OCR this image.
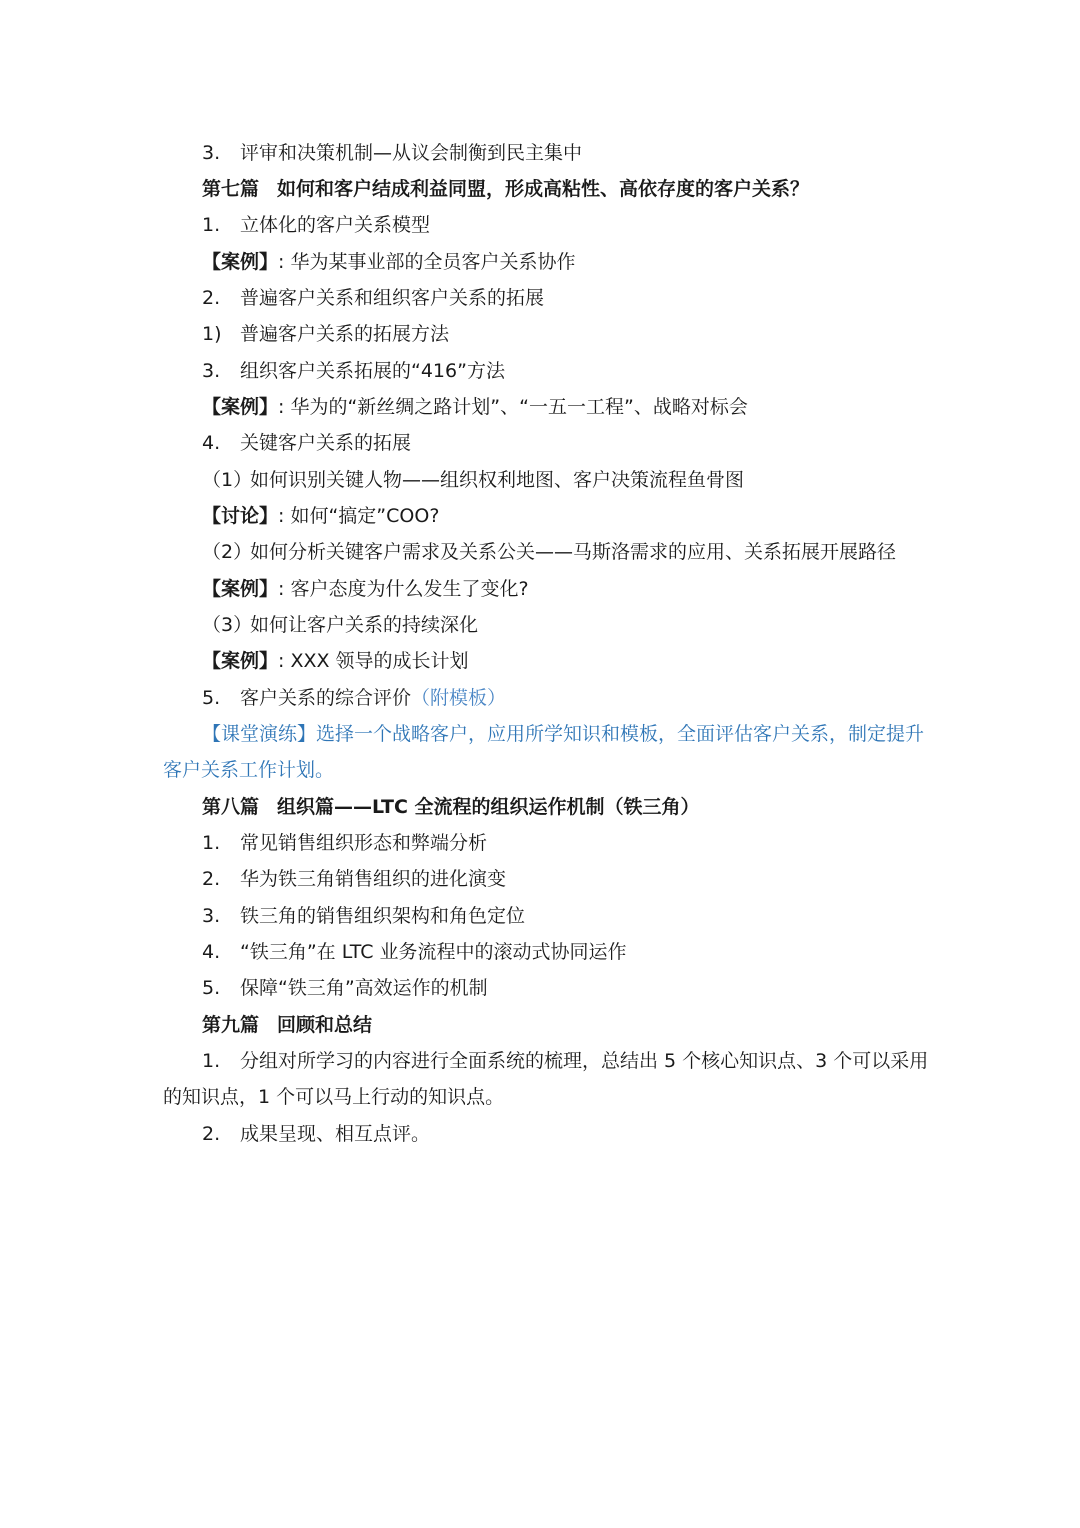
3. 评审和决策机制—从议会制衡到民主集中
第七篇 如何和客户结成利益同盟，形成高粘性、高依存度的客户关系？
1. 立体化的客户关系模型
【案例】: 华为某事业部的全员客户关系协作
2. 普遍客户关系和组织客户关系的拓展
1) 普遍客户关系的拓展方法
3. 组织客户关系拓展的“416”方法
【案例】: 华为的“新丝绸之路计划”、“一五一工程”、战略对标会
4. 关键客户关系的拓展
（1）如何识别关键人物——组织权利地图、客户决策流程鱼骨图
【讨论】: 如何“搞定”COO?
（2）如何分析关键客户需求及关系公关——马斯洛需求的应用、关系拓展开展路径
【案例】: 客户态度为什么发生了变化?
（3）如何让客户关系的持续深化
【案例】: XXX 领导的成长计划
5. 客户关系的综合评价（附模板）
【课堂演练】选择一个战略客户，应用所学知识和模板，全面评估客户关系，制定提升
客户关系工作计划。
第八篇 组织篇——LTC 全流程的组织运作机制（铁三角）
1. 常见销售组织形态和弊端分析
2. 华为铁三角销售组织的进化演变
3. 铁三角的销售组织架构和角色定位
4. “铁三角”在 LTC 业务流程中的滚动式协同运作
5. 保障“铁三角”高效运作的机制
第九篇 回顾和总结
1. 分组对所学习的内容进行全面系统的梳理，总结出 5 个核心知识点、3 个可以采用
的知识点，1 个可以马上行动的知识点。
2. 成果呈现、相互点评。
